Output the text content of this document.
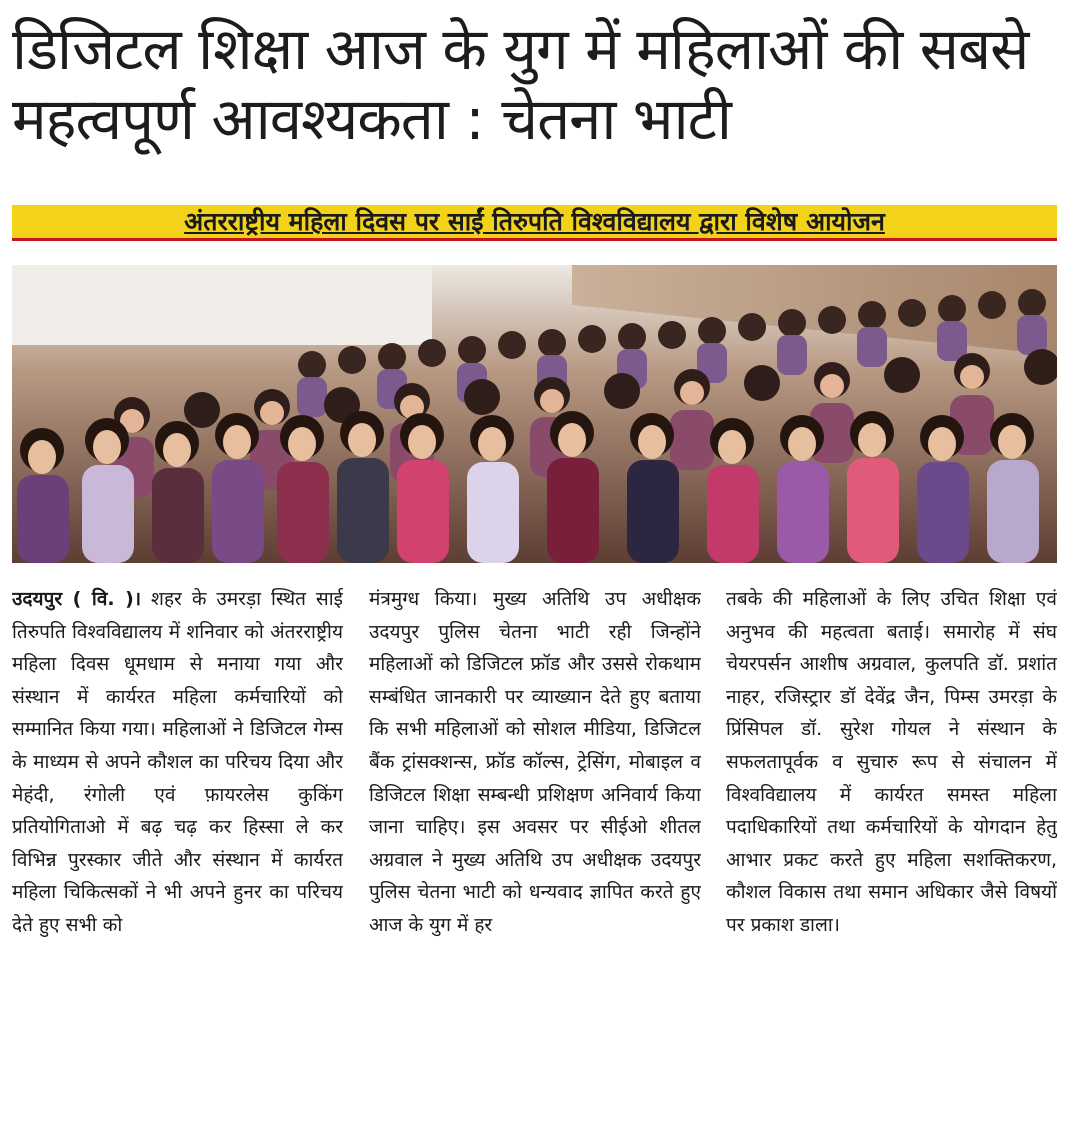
डिजिटल शिक्षा आज के युग में महिलाओं की सबसे महत्वपूर्ण आवश्यकता : चेतना भाटी
अंतरराष्ट्रीय महिला दिवस पर साईं तिरुपति विश्वविद्यालय द्वारा विशेष आयोजन
उदयपुर ( वि. )। शहर के उमरड़ा स्थित साई तिरुपति विश्वविद्यालय में शनिवार को अंतरराष्ट्रीय महिला दिवस धूमधाम से मनाया गया और संस्थान में कार्यरत महिला कर्मचारियों को सम्मानित किया गया। महिलाओं ने डिजिटल गेम्स के माध्यम से अपने कौशल का परिचय दिया और मेहंदी, रंगोली एवं फ़ायरलेस कुकिंग प्रतियोगिताओ में बढ़ चढ़ कर हिस्सा ले कर विभिन्न पुरस्कार जीते और संस्थान में कार्यरत महिला चिकित्सकों ने भी अपने हुनर का परिचय देते हुए सभी को
मंत्रमुग्ध किया। मुख्य अतिथि उप अधीक्षक उदयपुर पुलिस चेतना भाटी रही जिन्होंने महिलाओं को डिजिटल फ्रॉड और उससे रोकथाम सम्बंधित जानकारी पर व्याख्यान देते हुए बताया कि सभी महिलाओं को सोशल मीडिया, डिजिटल बैंक ट्रांसक्शन्स, फ्रॉड कॉल्स, ट्रेसिंग, मोबाइल व डिजिटल शिक्षा सम्बन्धी प्रशिक्षण अनिवार्य किया जाना चाहिए। इस अवसर पर सीईओ शीतल अग्रवाल ने मुख्य अतिथि उप अधीक्षक उदयपुर पुलिस चेतना भाटी को धन्यवाद ज्ञापित करते हुए आज के युग में हर
तबके की महिलाओं के लिए उचित शिक्षा एवं अनुभव की महत्वता बताई। समारोह में संघ चेयरपर्सन आशीष अग्रवाल, कुलपति डॉ. प्रशांत नाहर, रजिस्ट्रार डॉ देवेंद्र जैन, पिम्स उमरड़ा के प्रिंसिपल डॉ. सुरेश गोयल ने संस्थान के सफलतापूर्वक व सुचारु रूप से संचालन में विश्वविद्यालय में कार्यरत समस्त महिला पदाधिकारियों तथा कर्मचारियों के योगदान हेतु आभार प्रकट करते हुए महिला सशक्तिकरण, कौशल विकास तथा समान अधिकार जैसे विषयों पर प्रकाश डाला।
